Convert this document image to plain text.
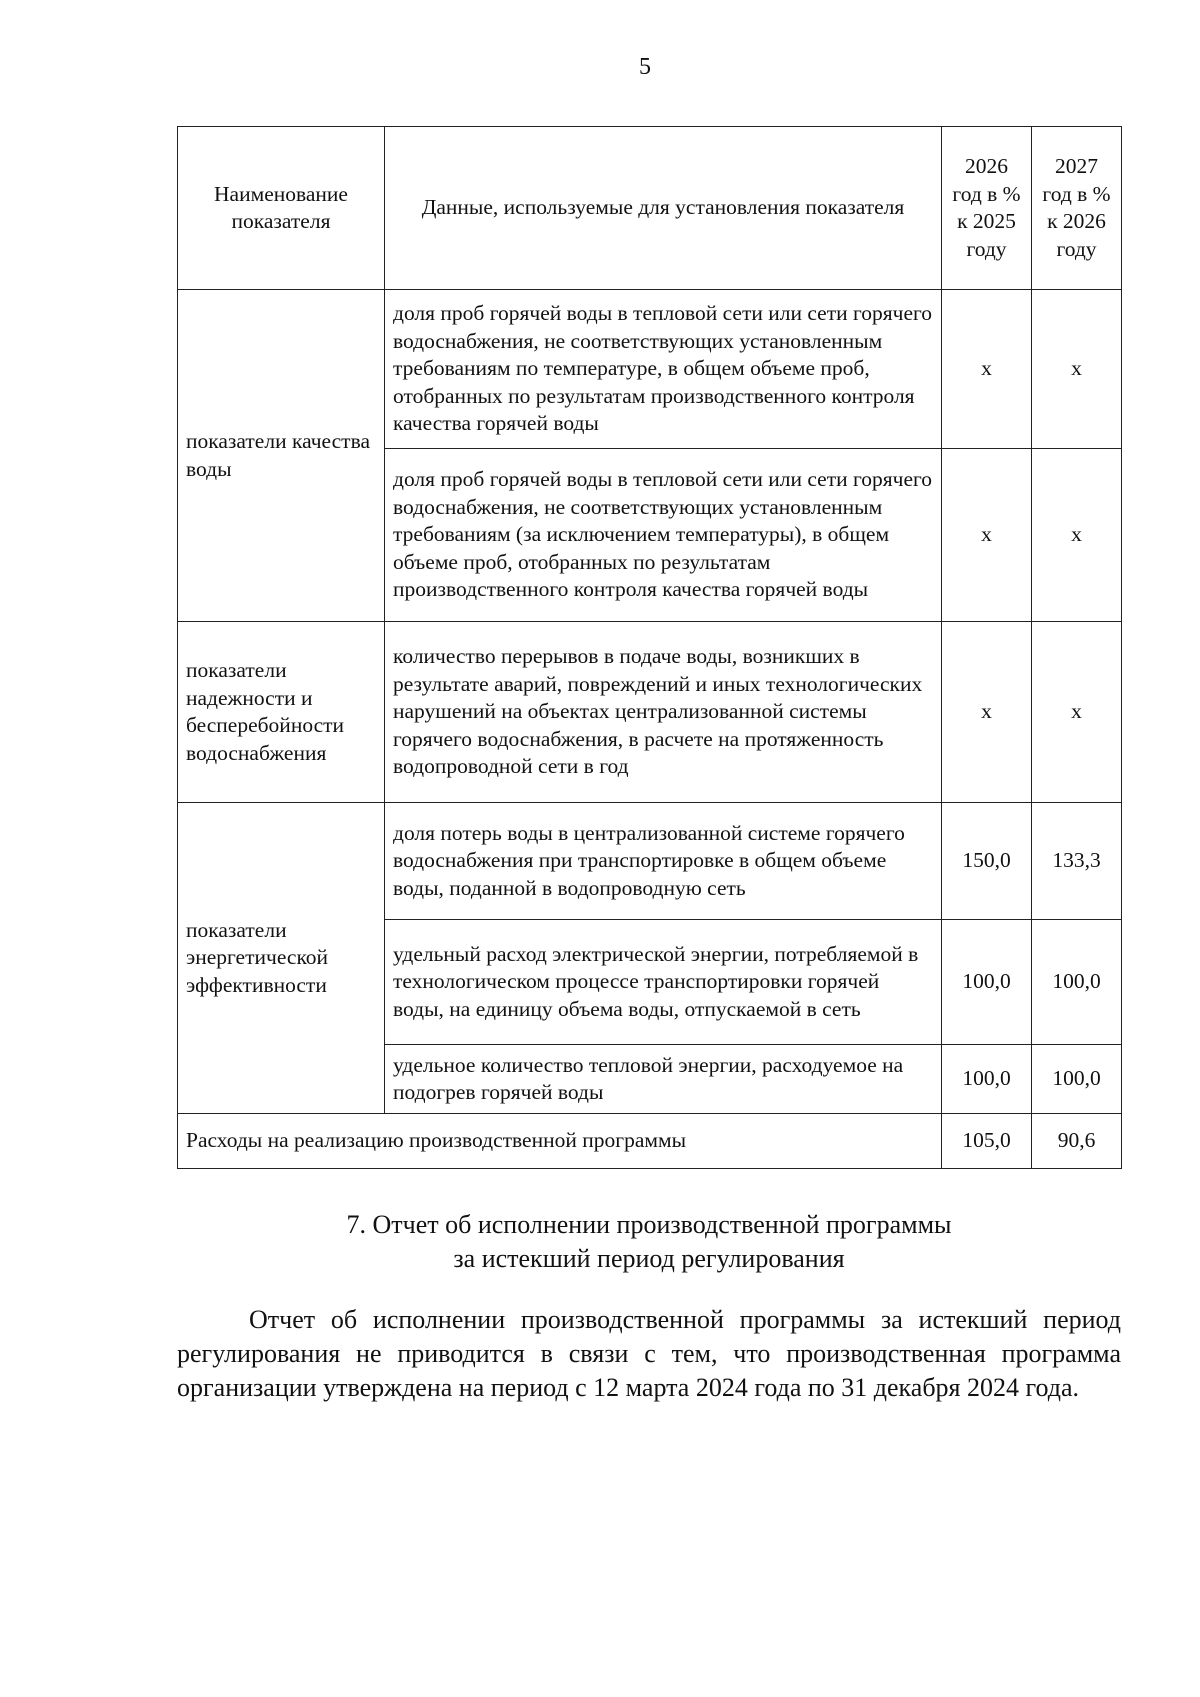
5
Наименование показателя	Данные, используемые для установления показателя	2026 год в % к 2025 году	2027 год в % к 2026 году
показатели качества воды	доля проб горячей воды в тепловой сети или сети горячего водоснабжения, не соответствующих установленным требованиям по температуре, в общем объеме проб, отобранных по результатам производственного контроля качества горячей воды	x	x
	доля проб горячей воды в тепловой сети или сети горячего водоснабжения, не соответствующих установленным требованиям (за исключением температуры), в общем объеме проб, отобранных по результатам производственного контроля качества горячей воды	x	x
показатели надежности и бесперебойности водоснабжения	количество перерывов в подаче воды, возникших в результате аварий, повреждений и иных технологических нарушений на объектах централизованной системы горячего водоснабжения, в расчете на протяженность водопроводной сети в год	x	x
показатели энергетической эффективности	доля потерь воды в централизованной системе горячего водоснабжения при транспортировке в общем объеме воды, поданной в водопроводную сеть	150,0	133,3
	удельный расход электрической энергии, потребляемой в технологическом процессе транспортировки горячей воды, на единицу объема воды, отпускаемой в сеть	100,0	100,0
	удельное количество тепловой энергии, расходуемое на подогрев горячей воды	100,0	100,0
Расходы на реализацию производственной программы		105,0	90,6
7. Отчет об исполнении производственной программы
за истекший период регулирования

Отчет об исполнении производственной программы за истекший период регулирования не приводится в связи с тем, что производственная программа организации утверждена на период с 12 марта 2024 года по 31 декабря 2024 года.
